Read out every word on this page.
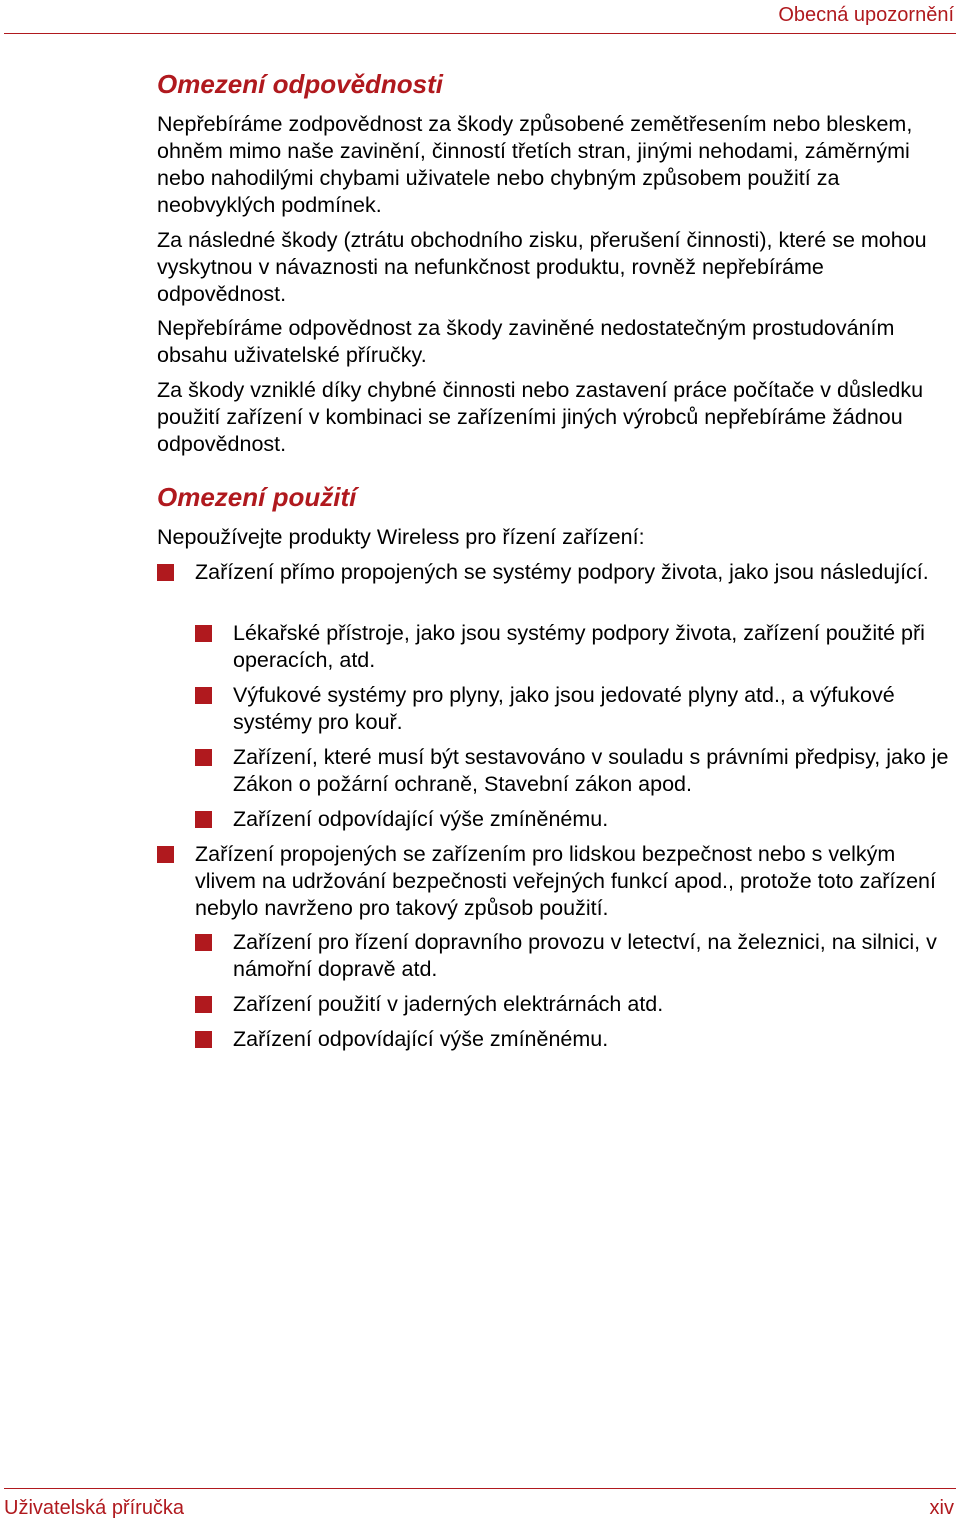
Obecná upozornění
Omezení odpovědnosti

Nepřebíráme zodpovědnost za škody způsobené zemětřesením nebo bleskem, ohněm mimo naše zavinění, činností třetích stran, jinými nehodami, záměrnými nebo nahodilými chybami uživatele nebo chybným způsobem použití za neobvyklých podmínek.

Za následné škody (ztrátu obchodního zisku, přerušení činnosti), které se mohou vyskytnou v návaznosti na nefunkčnost produktu, rovněž nepřebíráme odpovědnost.

Nepřebíráme odpovědnost za škody zaviněné nedostatečným prostudováním obsahu uživatelské příručky.

Za škody vzniklé díky chybné činnosti nebo zastavení práce počítače v důsledku použití zařízení v kombinaci se zařízeními jiných výrobců nepřebíráme žádnou odpovědnost.

Omezení použití

Nepoužívejte produkty Wireless pro řízení zařízení:

Zařízení přímo propojených se systémy podpory života, jako jsou následující.

Lékařské přístroje, jako jsou systémy podpory života, zařízení použité při operacích, atd.

Výfukové systémy pro plyny, jako jsou jedovaté plyny atd., a výfukové systémy pro kouř.

Zařízení, které musí být sestavováno v souladu s právními předpisy, jako je Zákon o požární ochraně, Stavební zákon apod.

Zařízení odpovídající výše zmíněnému.

Zařízení propojených se zařízením pro lidskou bezpečnost nebo s velkým vlivem na udržování bezpečnosti veřejných funkcí apod., protože toto zařízení nebylo navrženo pro takový způsob použití.

Zařízení pro řízení dopravního provozu v letectví, na železnici, na silnici, v námořní dopravě atd.

Zařízení použití v jaderných elektrárnách atd.

Zařízení odpovídající výše zmíněnému.

Uživatelská příručka	xiv
